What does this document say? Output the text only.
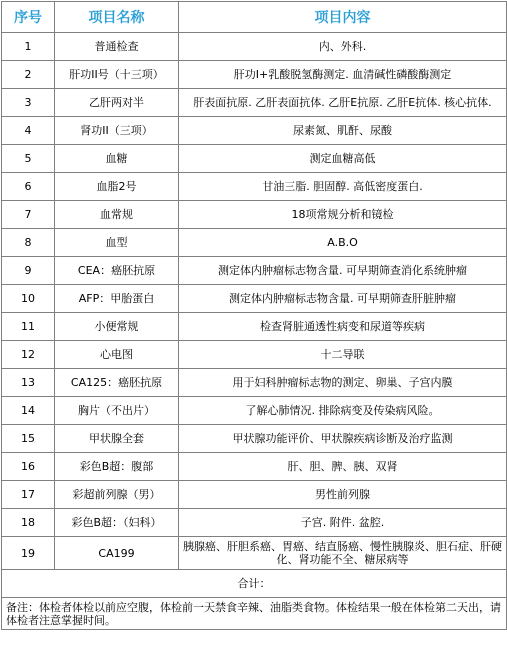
序号	项目名称	项目内容
1	普通检查	内、外科.
2	肝功II号（十三项）	肝功Ⅰ+乳酸脱氢酶测定. 血清碱性磷酸酶测定
3	乙肝两对半	肝表面抗原. 乙肝表面抗体. 乙肝E抗原. 乙肝E抗体. 核心抗体.
4	肾功II（三项）	尿素氮、肌酐、尿酸
5	血糖	测定血糖高低
6	血脂2号	甘油三脂. 胆固醇. 高低密度蛋白.
7	血常规	18项常规分析和镜检
8	血型	A.B.O
9	CEA：癌胚抗原	测定体内肿瘤标志物含量. 可早期筛查消化系统肿瘤
10	AFP：甲胎蛋白	测定体内肿瘤标志物含量. 可早期筛查肝脏肿瘤
11	小便常规	检查肾脏通透性病变和尿道等疾病
12	心电图	十二导联
13	CA125：癌胚抗原	用于妇科肿瘤标志物的测定、卵巢、子宫内膜
14	胸片（不出片）	了解心肺情况. 排除病变及传染病风险。
15	甲状腺全套	甲状腺功能评价、甲状腺疾病诊断及治疗监测
16	彩色B超：腹部	肝、胆、脾、胰、双肾
17	彩超前列腺（男）	男性前列腺
18	彩色B超：（妇科）	子宫. 附件. 盆腔.
19	CA199	胰腺癌、肝胆系癌、胃癌、结直肠癌、慢性胰腺炎、胆石症、肝硬化、肾功能不全、糖尿病等
合计：		
备注：体检者体检以前应空腹，体检前一天禁食辛辣、油脂类食物。体检结果一般在体检第二天出，请体检者注意掌握时间。		
